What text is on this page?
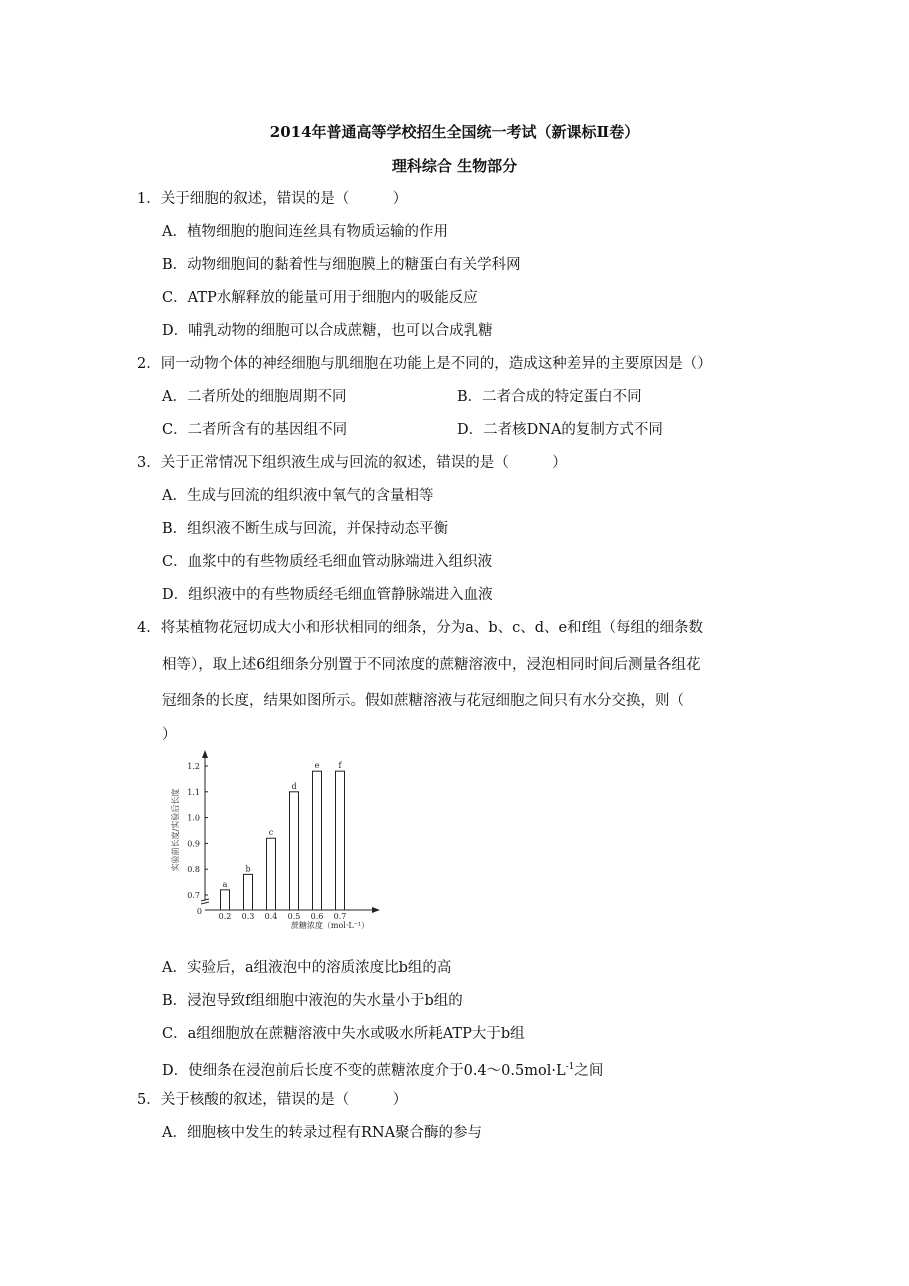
2014年普通高等学校招生全国统一考试（新课标Ⅱ卷）
理科综合 生物部分
1．关于细胞的叙述，错误的是（　　　）
A．植物细胞的胞间连丝具有物质运输的作用
B．动物细胞间的黏着性与细胞膜上的糖蛋白有关学科网
C．ATP水解释放的能量可用于细胞内的吸能反应
D．哺乳动物的细胞可以合成蔗糖，也可以合成乳糖
2．同一动物个体的神经细胞与肌细胞在功能上是不同的，造成这种差异的主要原因是（）
A．二者所处的细胞周期不同	B．二者合成的特定蛋白不同
C．二者所含有的基因组不同	D．二者核DNA的复制方式不同
3．关于正常情况下组织液生成与回流的叙述，错误的是（　　　）
A．生成与回流的组织液中氧气的含量相等
B．组织液不断生成与回流，并保持动态平衡
C．血浆中的有些物质经毛细血管动脉端进入组织液
D．组织液中的有些物质经毛细血管静脉端进入血液
4．将某植物花冠切成大小和形状相同的细条，分为a、b、c、d、e和f组（每组的细条数
相等），取上述6组细条分别置于不同浓度的蔗糖溶液中，浸泡相同时间后测量各组花
冠细条的长度，结果如图所示。假如蔗糖溶液与花冠细胞之间只有水分交换，则（
）
0
实验前长度/实验后长度
蔗糖浓度（mol·L⁻¹）
0.7
0.8
0.9
1.0
1.1
1.2
a
0.2
b
0.3
c
0.4
d
0.5
e
0.6
f
0.7
A．实验后，a组液泡中的溶质浓度比b组的高
B．浸泡导致f组细胞中液泡的失水量小于b组的
C．a组细胞放在蔗糖溶液中失水或吸水所耗ATP大于b组
D．使细条在浸泡前后长度不变的蔗糖浓度介于$0.4\sim 0.5mol\cdot L^{-1}$之间
5．关于核酸的叙述，错误的是（　　　）
A．细胞核中发生的转录过程有RNA聚合酶的参与
